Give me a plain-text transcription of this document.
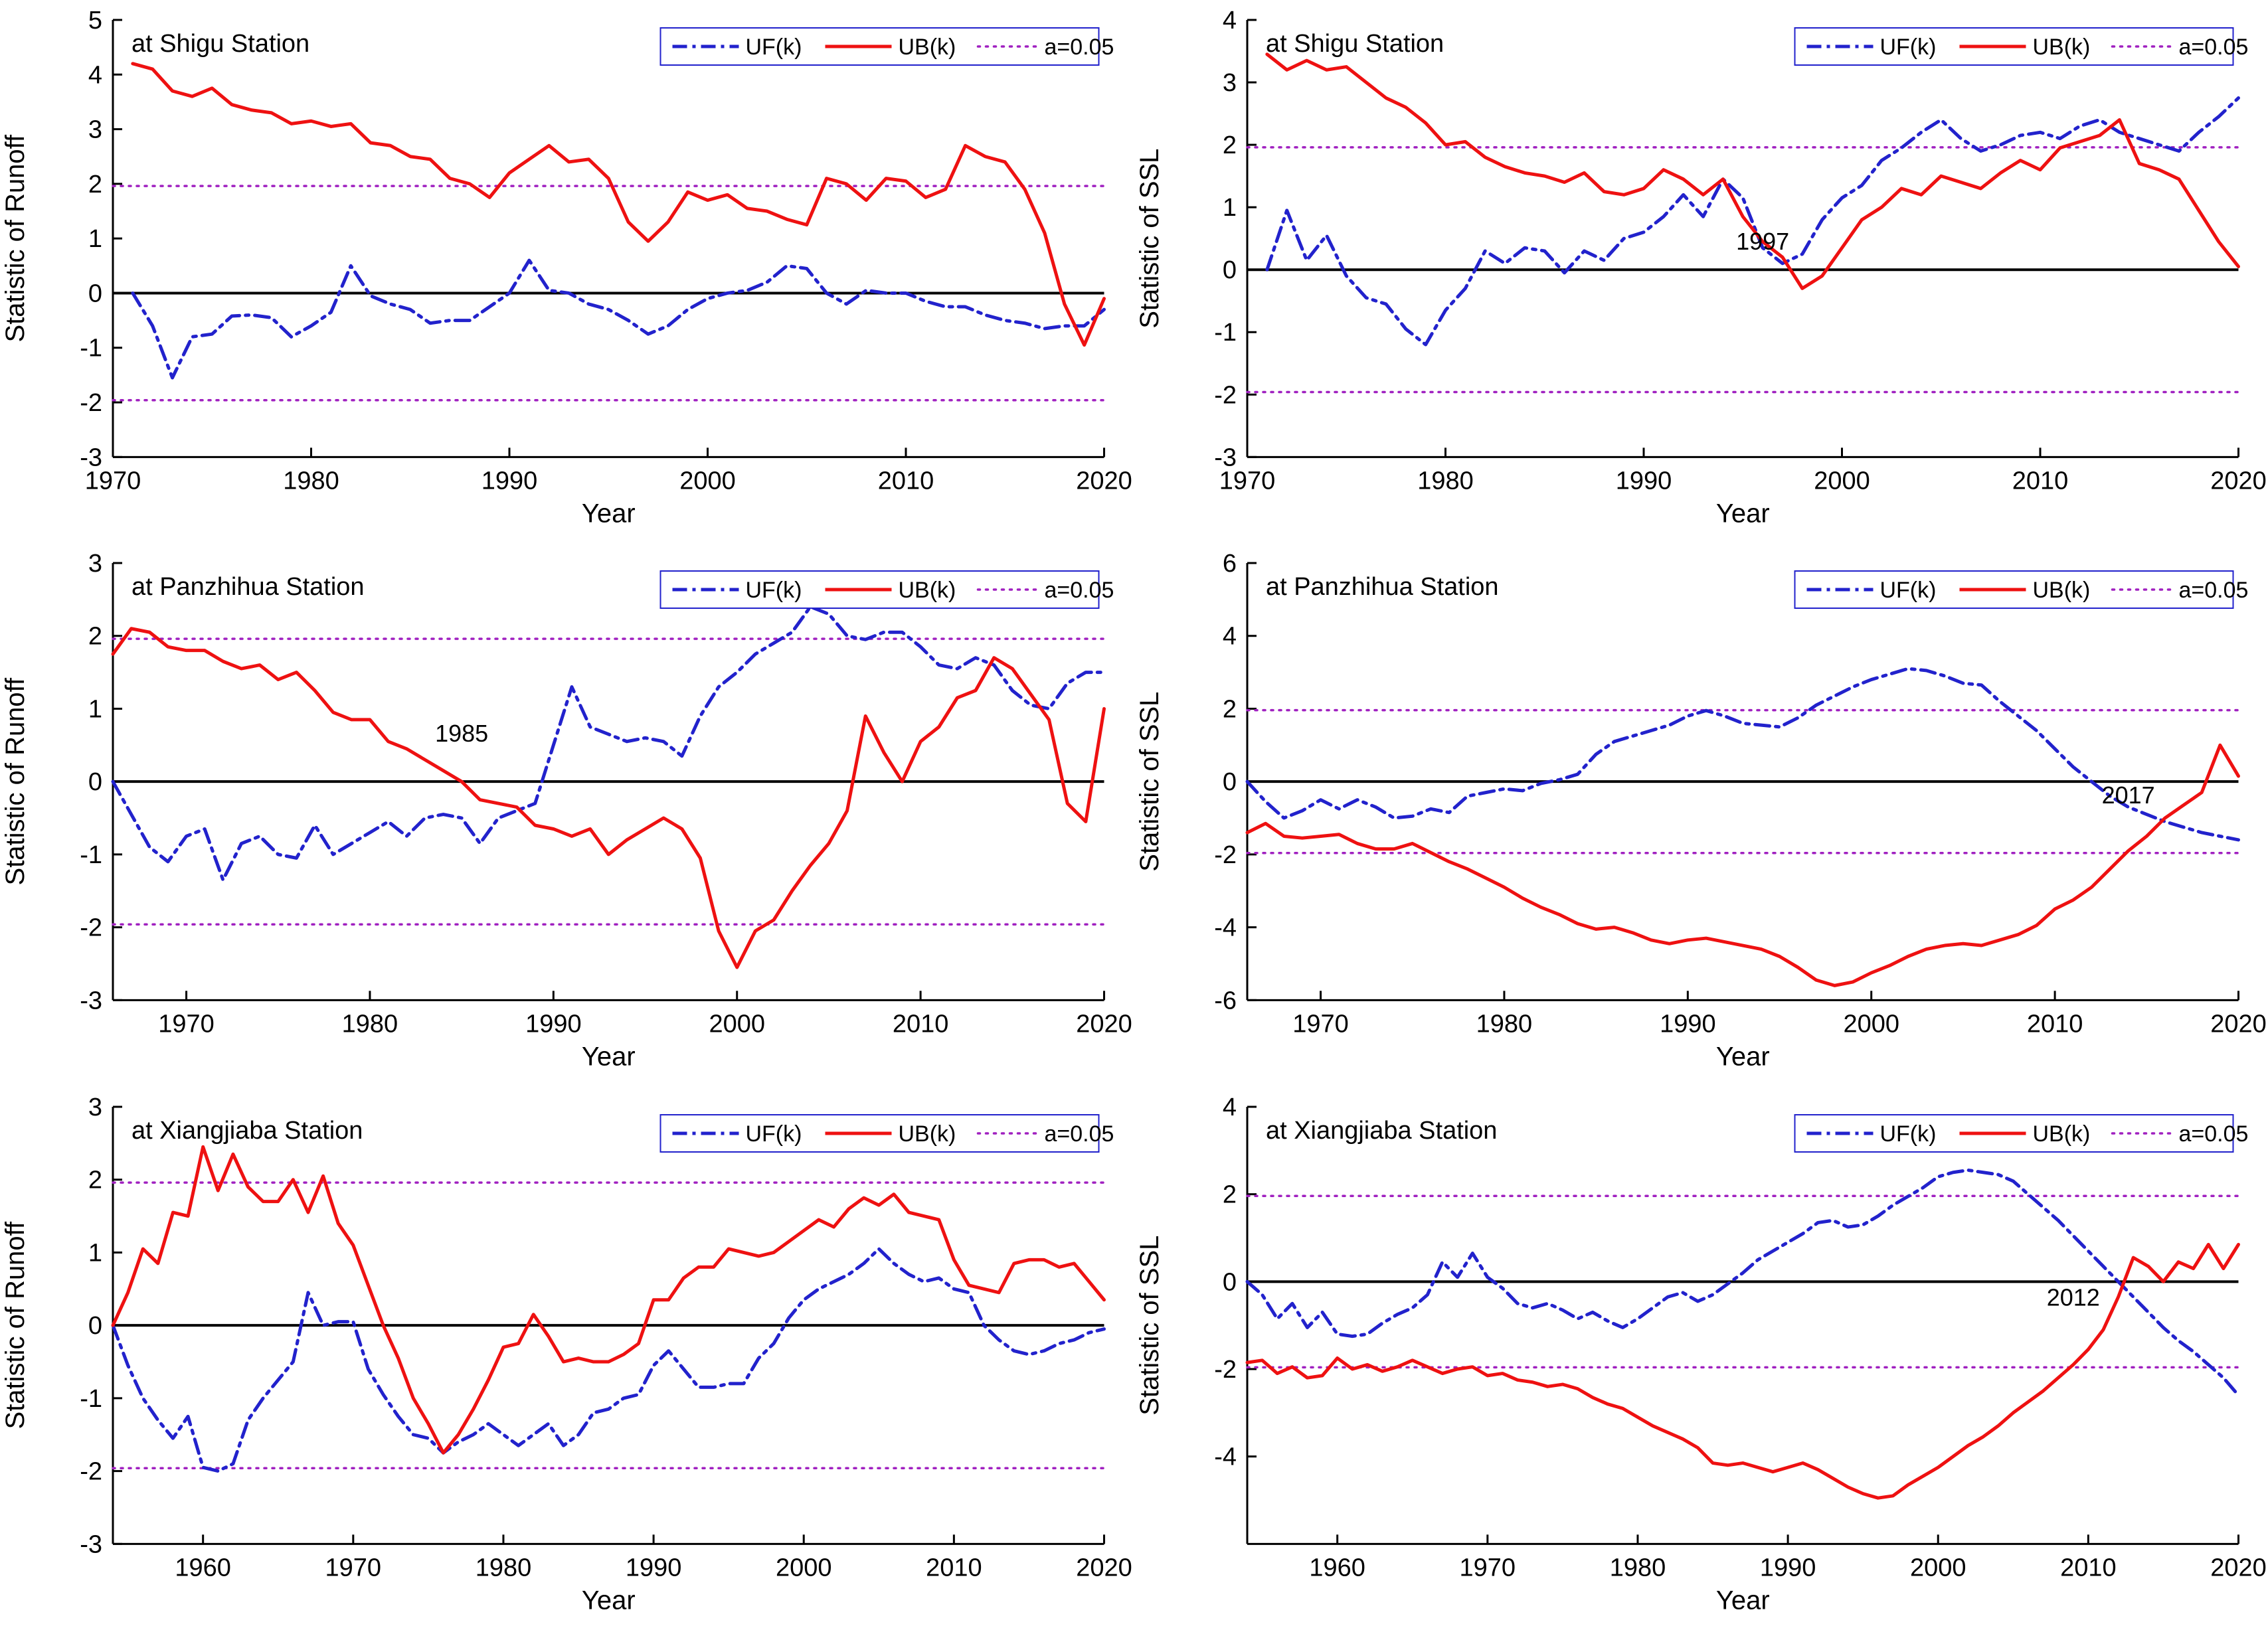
1970	1980	1990	2000	2010	2020
-3
-2
-1
0
1
2
3
4
5
at Shigu Station
Statistic of Runoff
Year
UF(k)	UB(k)	a=0.05
1970	1980	1990	2000	2010	2020
-3
-2
-1
0
1
2
3
4
at Shigu Station
1997
Statistic of SSL
Year
UF(k)	UB(k)	a=0.05
1970	1980	1990	2000	2010	2020
-3
-2
-1
0
1
2
3
at Panzhihua Station
1985
Statistic of Runoff
Year
UF(k)	UB(k)	a=0.05
1970	1980	1990	2000	2010	2020
-6
-4
-2
0
2
4
6
at Panzhihua Station
2017
Statistic of SSL
Year
UF(k)	UB(k)	a=0.05
1960	1970	1980	1990	2000	2010	2020
-3
-2
-1
0
1
2
3
at Xiangjiaba Station
Statistic of Runoff
Year
UF(k)	UB(k)	a=0.05
1960	1970	1980	1990	2000	2010	2020
-4
-2
0
2
4
at Xiangjiaba Station
2012
Statistic of SSL
Year
UF(k)	UB(k)	a=0.05
